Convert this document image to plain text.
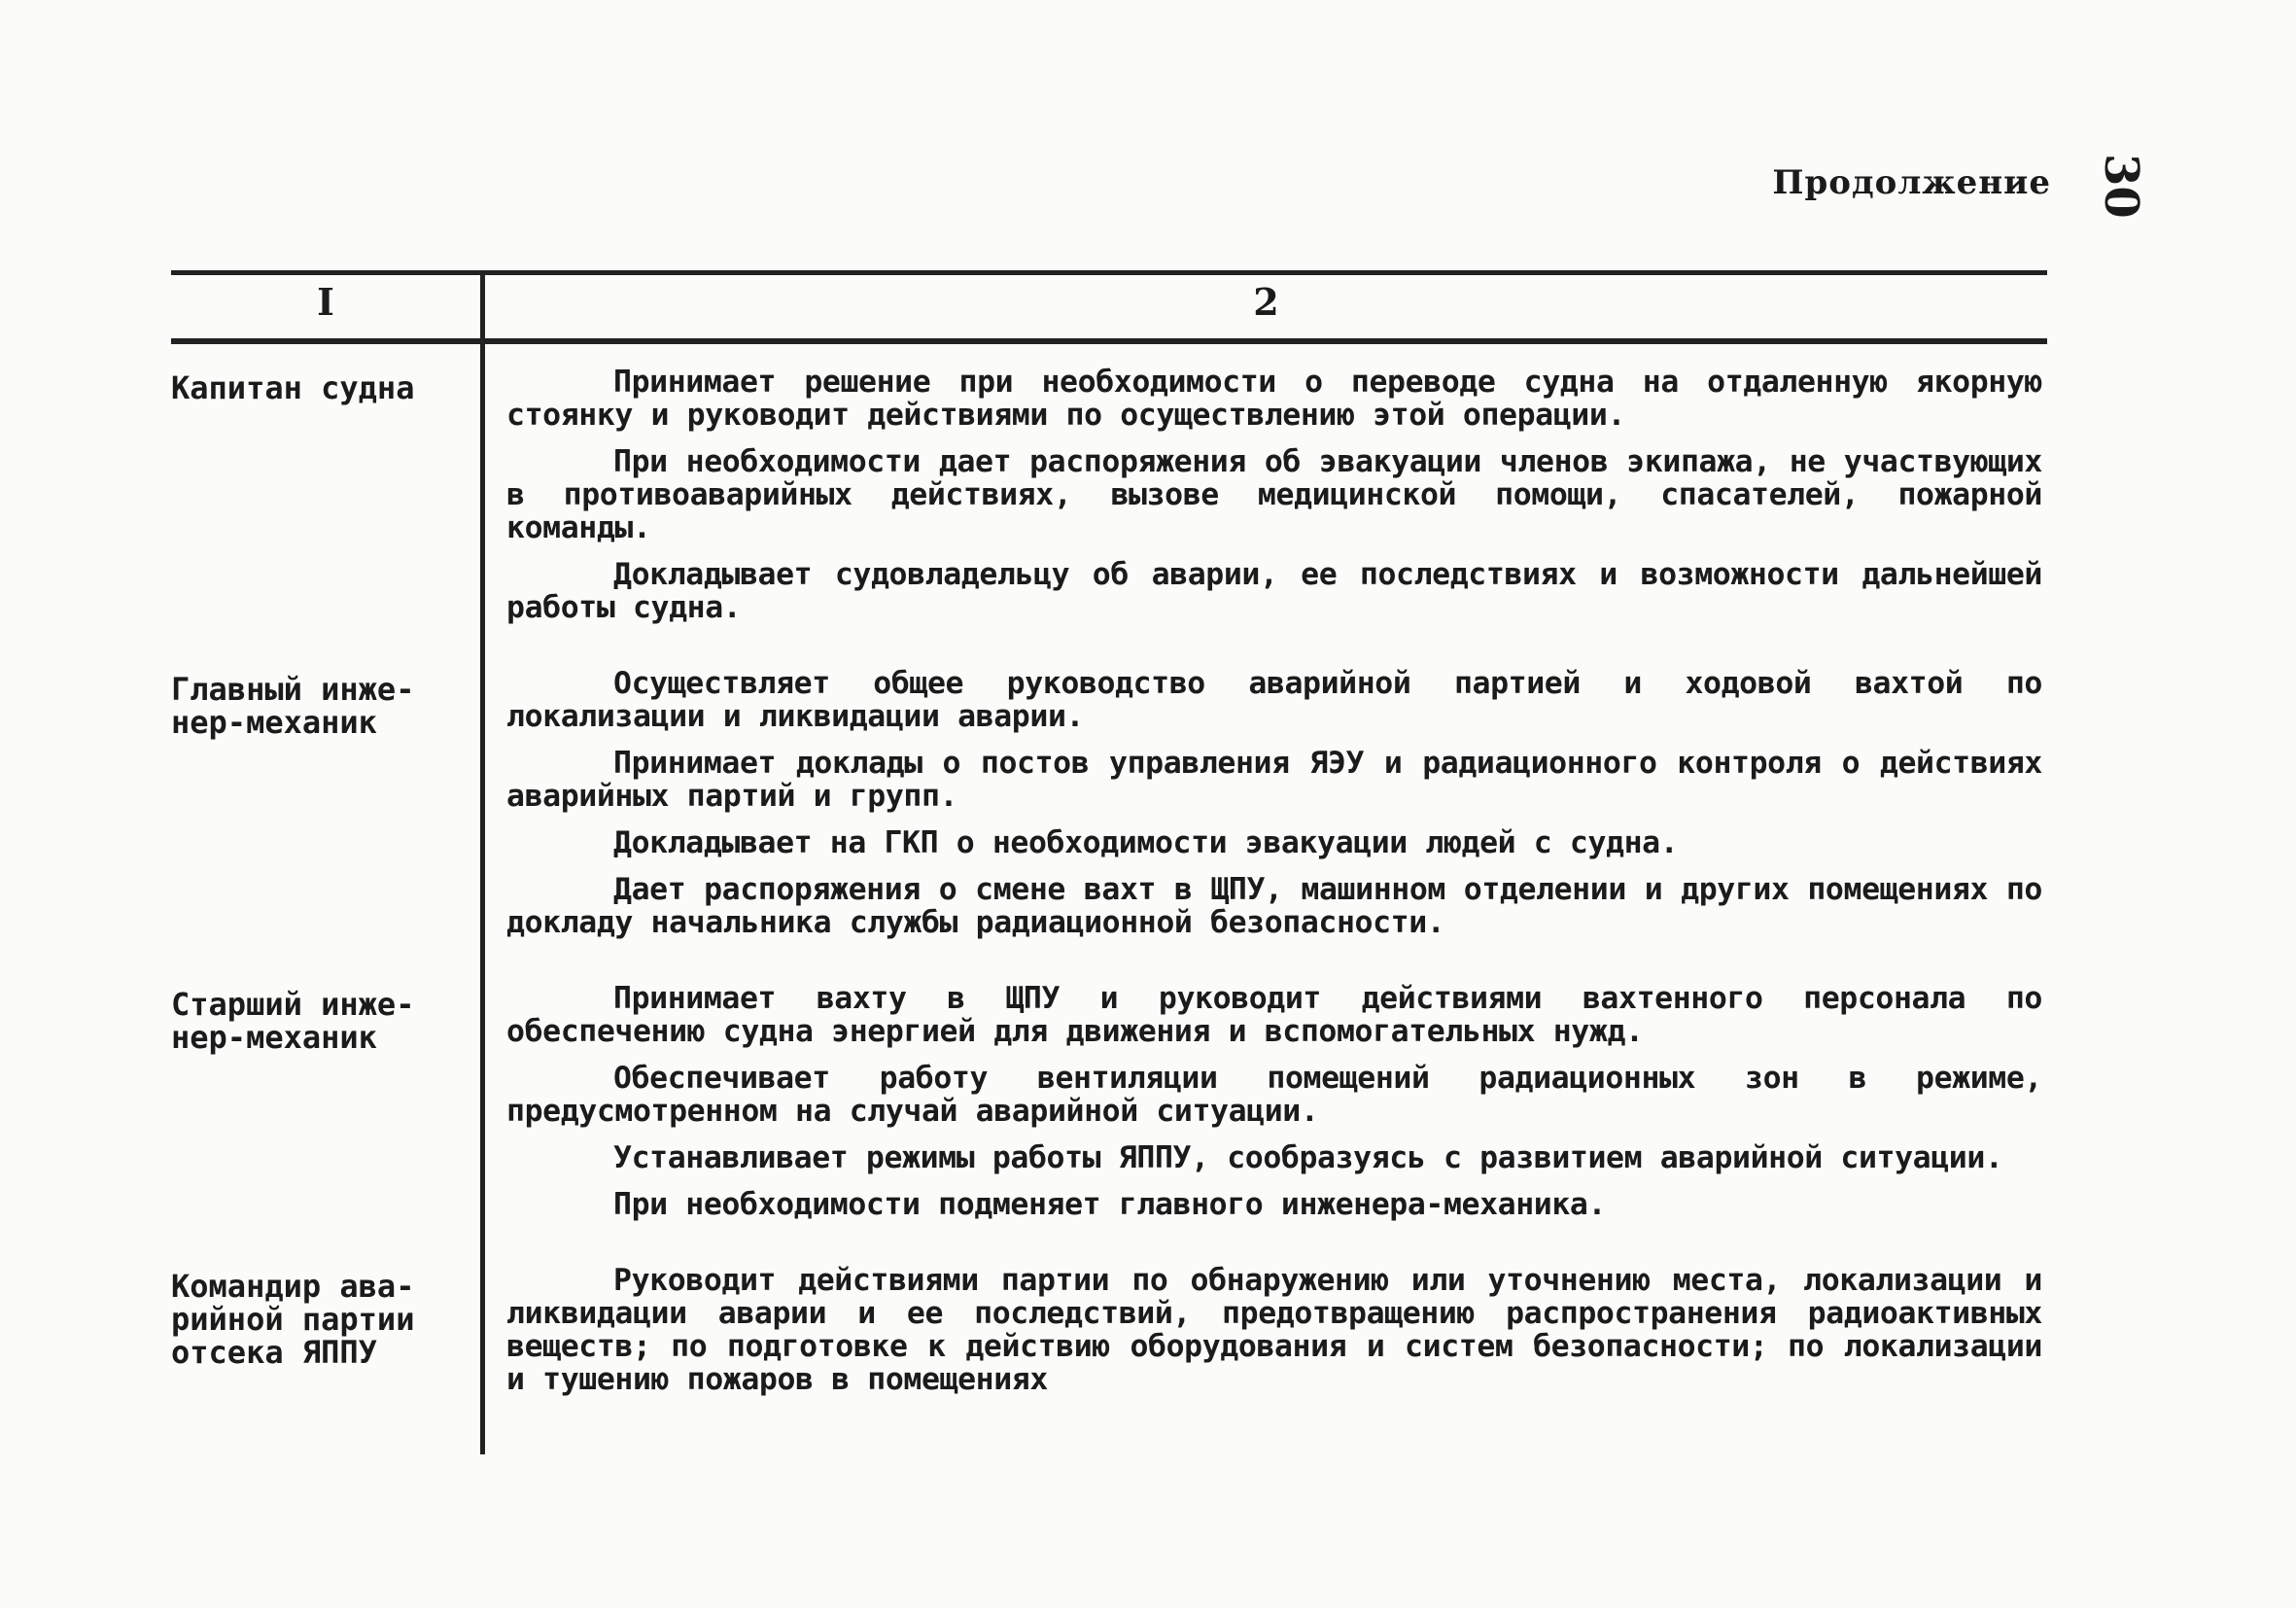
Продолжение 30
I	2
Капитан судна	Принимает решение при необходимости о переводе судна на отдаленную якорную стоянку и руководит действиями по осуществлению этой операции.

При необходимости дает распоряжения об эвакуации членов экипажа, не участвующих в противоаварийных действиях, вызове медицинской помощи, спасателей, пожарной команды.

Докладывает судовладельцу об аварии, ее последствиях и возможности дальнейшей работы судна.

Главный инже-
нер-механик

Осуществляет общее руководство аварийной партией и ходовой вахтой по локализации и ликвидации аварии.

Принимает доклады о постов управления ЯЭУ и радиационного контроля о действиях аварийных партий и групп.

Докладывает на ГКП о необходимости эвакуации людей с судна.

Дает распоряжения о смене вахт в ЩПУ, машинном отделении и других помещениях по докладу начальника службы радиационной безопасности.

Старший инже-
нер-механик

Принимает вахту в ЩПУ и руководит действиями вахтенного персонала по обеспечению судна энергией для движения и вспомогательных нужд.

Обеспечивает работу вентиляции помещений радиационных зон в режиме, предусмотренном на случай аварийной ситуации.

Устанавливает режимы работы ЯППУ, сообразуясь с развитием аварийной ситуации.

При необходимости подменяет главного инженера-механика.

Командир ава-
рийной партии
отсека ЯППУ

Руководит действиями партии по обнаружению или уточнению места, локализации и ликвидации аварии и ее последствий, предотвращению распространения радиоактивных веществ; по подготовке к действию оборудования и систем безопасности; по локализации и тушению пожаров в помещениях
